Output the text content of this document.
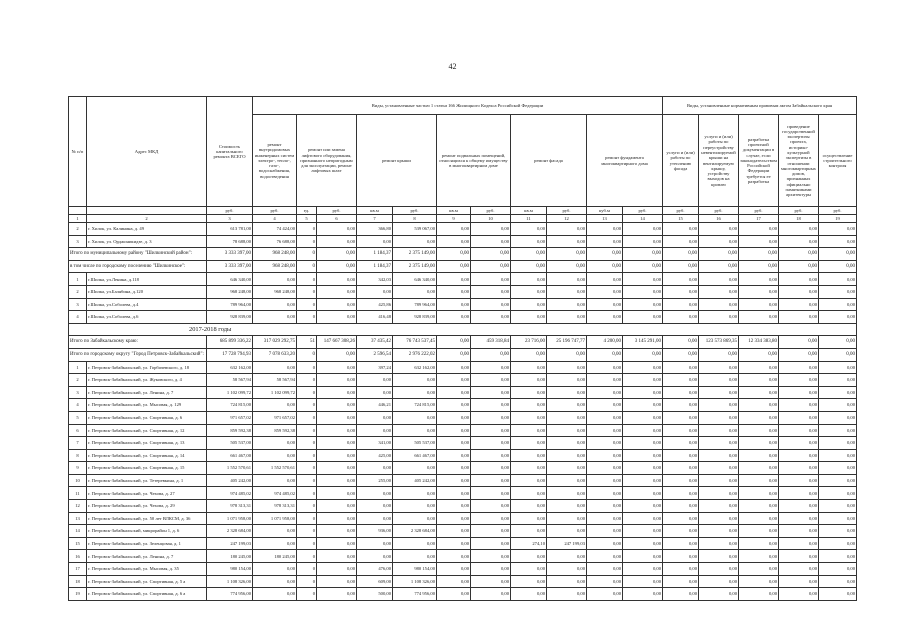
42
№ п/п	Адрес МКД	Стоимость капитального ремонта ВСЕГО	Виды, установленные частью 1 статьи 166 Жилищного Кодекса Российской Федерации											Виды, установленные нормативным правовым актом Забайкальского края				
			ремонт внутридомовых инженерных систем электро-, тепло-, газо-, водоснабжения, водоотведения	ремонт или замена лифтового оборудования, признанного непригодным для эксплуатации, ремонт лифтовых шахт		ремонт крыши		ремонт подвальных помещений, относящихся к общему имуществу в многоквартирном доме		ремонт фасада		ремонт фундамента многоквартирного дома		услуги и (или) работы по утеплению фасада	услуги и (или) работы по переустройству невентилируемой крыши на вентилируемую крышу, устройству выходов на кровлю	разработка проектной документации в случае, если законодательством Российской Федерации требуется ее разработка	проведение государственной экспертизы проекта, историко-культурной экспертизы в отношении многоквартирных домов, признанных официально памятниками архитектуры	осуществление строительного контроля
		руб.	руб.	ед.	руб.	кв.м	руб.	кв.м	руб.	кв.м	руб.	куб.м	руб.	руб.	руб.	руб.	руб.	руб.
1	2	3	4	5	6	7	8	9	10	11	12	13	14	15	16	17	18	19
2	г. Хилок, ул. Калинина, д. 49	613 781,00	74 424,00	0	0,00	366,80	539 067,00	0,00	0,00	0,00	0,00	0,00	0,00	0,00	0,00	0,00	0,00	0,00
3	г. Хилок, ул. Орджоникидзе, д. 3	78 688,00	76 688,00	0	0,00	0,00	0,00	0,00	0,00	0,00	0,00	0,00	0,00	0,00	0,00	0,00	0,00	0,00
Итого по муниципальному району "Шилкинский район":		3 333 397,00	968 248,00	0	0,00	1 184,37	2 375 149,00	0,00	0,00	0,00	0,00	0,00	0,00	0,00	0,00	0,00	0,00	0,00
в том числе по городскому поселению "Шилкинское":		3 333 397,00	968 248,00	0	0,00	1 184,37	2 375 149,00	0,00	0,00	0,00	0,00	0,00	0,00	0,00	0,00	0,00	0,00	0,00
1	г.Шилка, ул.Ленина, д.118	646 340,00	0,00	0	0,00	342,03	646 340,00	0,00	0,00	0,00	0,00	0,00	0,00	0,00	0,00	0,00	0,00	0,00
2	г.Шилка, ул.Балябина, д.120	968 248,00	968 248,00	0	0,00	0,00	0,00	0,00	0,00	0,00	0,00	0,00	0,00	0,00	0,00	0,00	0,00	0,00
3	г.Шилка, ул.Соболева, д.4	789 964,00	0,00	0	0,00	425,86	789 964,00	0,00	0,00	0,00	0,00	0,00	0,00	0,00	0,00	0,00	0,00	0,00
4	г.Шилка, ул.Соболева, д.6	928 839,00	0,00	0	0,00	416,48	928 839,00	0,00	0,00	0,00	0,00	0,00	0,00	0,00	0,00	0,00	0,00	0,00
2017-2018 годы																		
Итого по Забайкальскому краю:		685 899 336,22	317 029 292,75	51	147 667 308,26	37 435,42	76 743 537,45	0,00	459 318,84	23 716,00	25 196 747,77	4 200,00	3 145 291,00	0,00	123 573 869,35	12 334 383,80	0,00	0,00
Итого по городскому округу "Город Петровск-Забайкальский":		17 728 794,93	7 078 633,20	0	0,00	2 596,54	2 976 222,02	0,00	0,00	0,00	0,00	0,00	0,00	0,00	0,00	0,00	0,00	0,00
1	г. Петровск-Забайкальский, ул. Горбачевского, д. 18	632 162,00	0,00	0	0,00	397,24	632 162,00	0,00	0,00	0,00	0,00	0,00	0,00	0,00	0,00	0,00	0,00	0,00
2	г. Петровск-Забайкальский, ул. Жуковского, д. 4	58 567,94	58 567,94	0	0,00	0,00	0,00	0,00	0,00	0,00	0,00	0,00	0,00	0,00	0,00	0,00	0,00	0,00
3	г. Петровск-Забайкальский, ул. Ленина, д. 7	1 102 099,72	1 102 099,72	0	0,00	0,00	0,00	0,00	0,00	0,00	0,00	0,00	0,00	0,00	0,00	0,00	0,00	0,00
4	г. Петровск-Забайкальский, ул. Мысовая, д. 129	724 815,00	0,00	0	0,00	446,21	724 815,00	0,00	0,00	0,00	0,00	0,00	0,00	0,00	0,00	0,00	0,00	0,00
5	г. Петровск-Забайкальский, ул. Спортивная, д. 6	971 657,02	971 657,02	0	0,00	0,00	0,00	0,00	0,00	0,00	0,00	0,00	0,00	0,00	0,00	0,00	0,00	0,00
6	г. Петровск-Забайкальский, ул. Спортивная, д. 12	859 592,38	859 592,38	0	0,00	0,00	0,00	0,00	0,00	0,00	0,00	0,00	0,00	0,00	0,00	0,00	0,00	0,00
7	г. Петровск-Забайкальский, ул. Спортивная, д. 13	505 537,00	0,00	0	0,00	341,00	505 537,00	0,00	0,00	0,00	0,00	0,00	0,00	0,00	0,00	0,00	0,00	0,00
8	г. Петровск-Забайкальский, ул. Спортивная, д. 14	661 467,00	0,00	0	0,00	425,00	661 467,00	0,00	0,00	0,00	0,00	0,00	0,00	0,00	0,00	0,00	0,00	0,00
9	г. Петровск-Забайкальский, ул. Спортивная, д. 15	1 552 570,61	1 552 570,61	0	0,00	0,00	0,00	0,00	0,00	0,00	0,00	0,00	0,00	0,00	0,00	0,00	0,00	0,00
10	г. Петровск-Забайкальский, ул. Тетеревкина, д. 1	405 242,00	0,00	0	0,00	255,00	405 242,00	0,00	0,00	0,00	0,00	0,00	0,00	0,00	0,00	0,00	0,00	0,00
11	г. Петровск-Забайкальский, ул. Чехова, д. 27	974 485,02	974 485,02	0	0,00	0,00	0,00	0,00	0,00	0,00	0,00	0,00	0,00	0,00	0,00	0,00	0,00	0,00
12	г. Петровск-Забайкальский, ул. Чехова, д. 29	978 313,31	978 313,31	0	0,00	0,00	0,00	0,00	0,00	0,00	0,00	0,00	0,00	0,00	0,00	0,00	0,00	0,00
13	г. Петровск-Забайкальский, ул. 50 лет ВЛКСМ, д. 36	1 071 958,00	1 071 958,00	0	0,00	0,00	0,00	0,00	0,00	0,00	0,00	0,00	0,00	0,00	0,00	0,00	0,00	0,00
14	г. Петровск-Забайкальский, микрорайон 1, д. 6	2 328 684,00	0,00	0	0,00	936,00	2 328 684,00	0,00	0,00	0,00	0,00	0,00	0,00	0,00	0,00	0,00	0,00	0,00
15	г. Петровск-Забайкальский, ул. Зеленцовая, д. 1	247 199,03	0,00	0	0,00	0,00	0,00	0,00	0,00	274,10	247 199,03	0,00	0,00	0,00	0,00	0,00	0,00	0,00
16	г. Петровск-Забайкальский, ул. Ленина, д. 7	180 245,00	180 245,00	0	0,00	0,00	0,00	0,00	0,00	0,00	0,00	0,00	0,00	0,00	0,00	0,00	0,00	0,00
17	г. Петровск-Забайкальский, ул. Мысовая, д. 35	980 154,00	0,00	0	0,00	476,00	980 154,00	0,00	0,00	0,00	0,00	0,00	0,00	0,00	0,00	0,00	0,00	0,00
18	г. Петровск-Забайкальский, ул. Спортивная, д. 5 а	1 108 326,00	0,00	0	0,00	609,00	1 108 326,00	0,00	0,00	0,00	0,00	0,00	0,00	0,00	0,00	0,00	0,00	0,00
19	г. Петровск-Забайкальский, ул. Спортивная, д. 6 а	774 956,00	0,00	0	0,00	500,00	774 956,00	0,00	0,00	0,00	0,00	0,00	0,00	0,00	0,00	0,00	0,00	0,00
